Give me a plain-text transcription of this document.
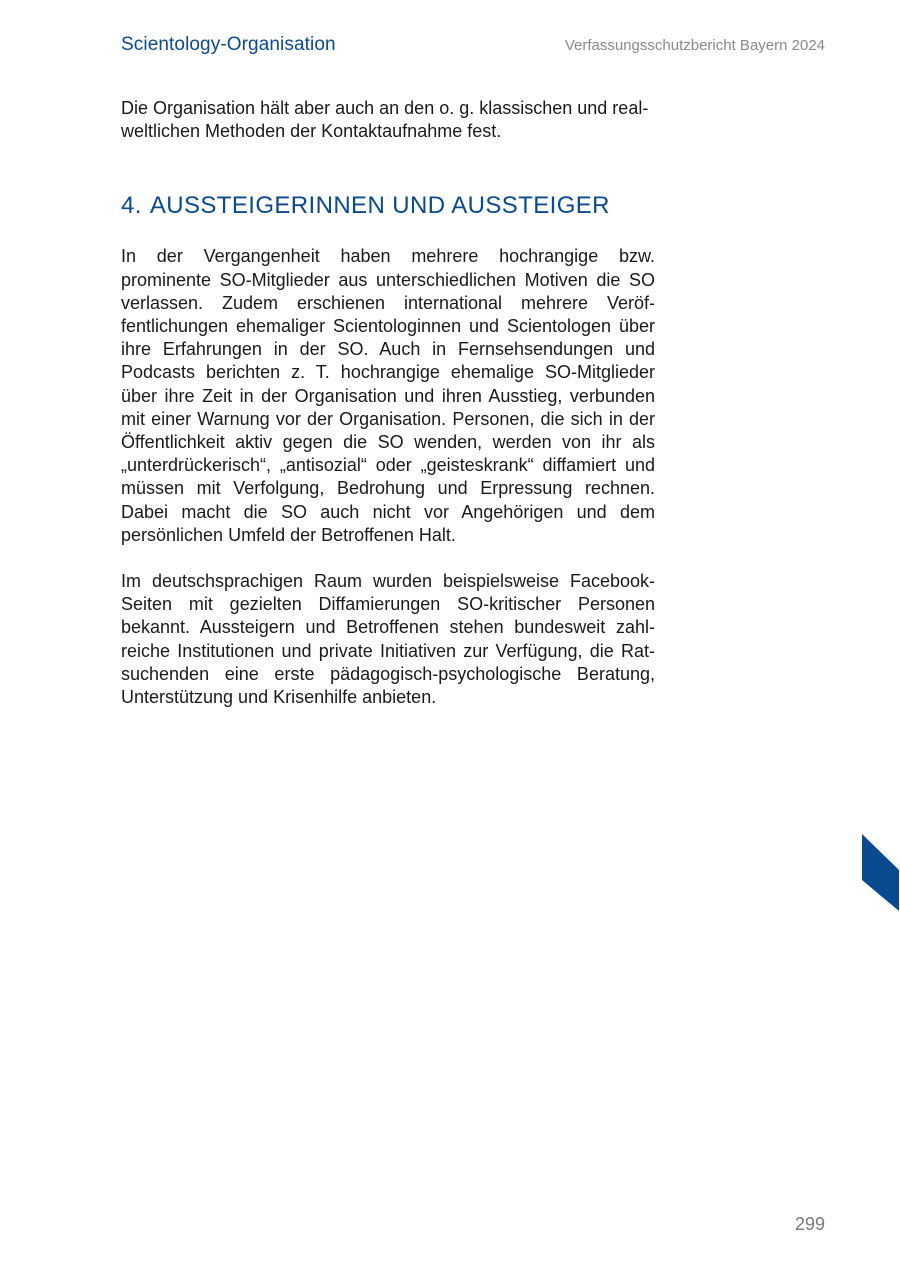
Scientology-Organisation	Verfassungsschutzbericht Bayern 2024

Die Organisation hält aber auch an den o. g. klassischen und realweltlichen Methoden der Kontaktaufnahme fest.

4. AUSSTEIGERINNEN UND AUSSTEIGER

In der Vergangenheit haben mehrere hochrangige bzw. prominente SO-Mitglieder aus unterschiedlichen Motiven die SO verlassen. Zudem erschienen international mehrere Veröffentlichungen ehemaliger Scientologinnen und Scientologen über ihre Erfahrungen in der SO. Auch in Fernsehsendungen und Podcasts berichten z. T. hochrangige ehemalige SO-Mitglieder über ihre Zeit in der Organisation und ihren Ausstieg, verbunden mit einer Warnung vor der Organisation. Personen, die sich in der Öffentlichkeit aktiv gegen die SO wenden, werden von ihr als „unterdrückerisch“, „antisozial“ oder „geisteskrank“ diffamiert und müssen mit Verfolgung, Bedrohung und Erpressung rechnen. Dabei macht die SO auch nicht vor Angehörigen und dem persönlichen Umfeld der Betroffenen Halt.

Im deutschsprachigen Raum wurden beispielsweise Facebook-Seiten mit gezielten Diffamierungen SO-kritischer Personen bekannt. Aussteigern und Betroffenen stehen bundesweit zahlreiche Institutionen und private Initiativen zur Verfügung, die Ratsuchenden eine erste pädagogisch-psychologische Beratung, Unterstützung und Krisenhilfe anbieten.

299
